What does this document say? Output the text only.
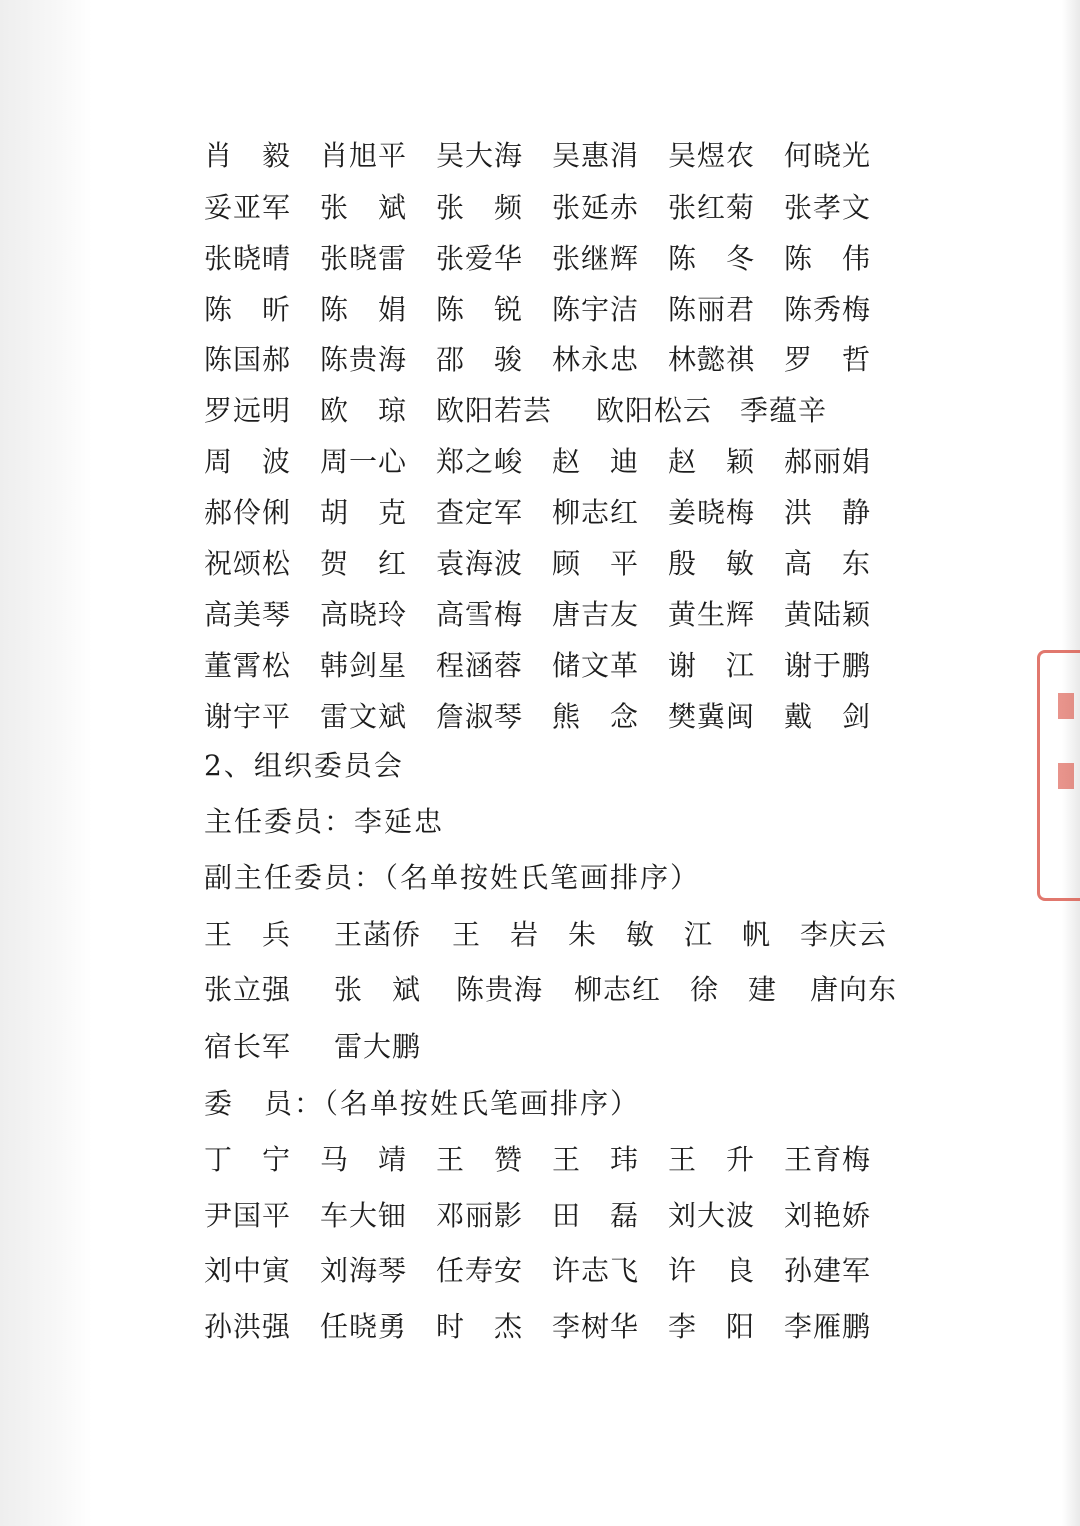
肖　毅 肖旭平 吴大海 吴惠涓 吴煜农 何晓光
妥亚军 张　斌 张　频 张延赤 张红菊 张孝文
张晓晴 张晓雷 张爱华 张继辉 陈　冬 陈　伟
陈　昕 陈　娟 陈　锐 陈宇洁 陈丽君 陈秀梅
陈国郝 陈贵海 邵　骏 林永忠 林懿祺 罗　哲
罗远明 欧　琼 欧阳若芸 欧阳松云 季蕴辛
周　波 周一心 郑之峻 赵　迪 赵　颖 郝丽娟
郝伶俐 胡　克 查定军 柳志红 姜晓梅 洪　静
祝颂松 贺　红 袁海波 顾　平 殷　敏 高　东
高美琴 高晓玲 高雪梅 唐吉友 黄生辉 黄陆颖
董霄松 韩剑星 程涵蓉 储文革 谢　江 谢于鹏
谢宇平 雷文斌 詹淑琴 熊　念 樊冀闽 戴　剑
2、组织委员会
主任委员：李延忠
副主任委员：（名单按姓氏笔画排序）
王　兵 王菡侨 王　岩 朱　敏 江　帆 李庆云
张立强 张　斌 陈贵海 柳志红 徐　建 唐向东
宿长军 雷大鹏
委　员：（名单按姓氏笔画排序）
丁　宁 马　靖 王　赞 王　玮 王　升 王育梅
尹国平 车大钿 邓丽影 田　磊 刘大波 刘艳娇
刘中寅 刘海琴 任寿安 许志飞 许　良 孙建军
孙洪强 任晓勇 时　杰 李树华 李　阳 李雁鹏
